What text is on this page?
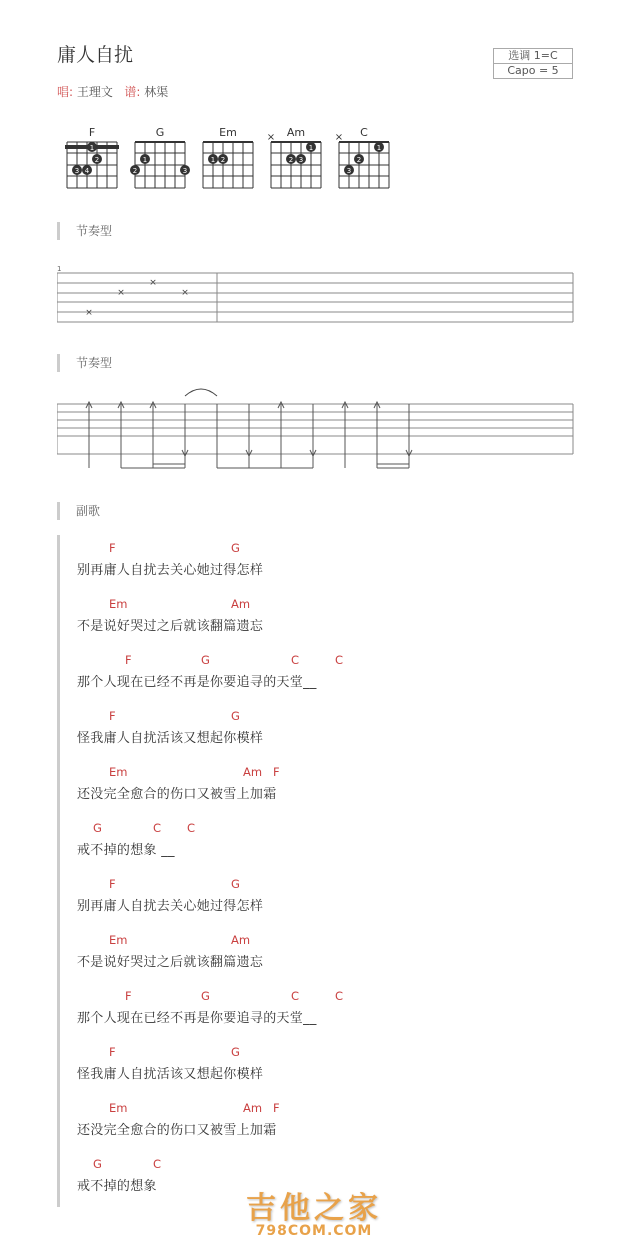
庸人自扰
唱: 王理文 谱: 林渠
选调 1=C
Capo = 5
F
1
2
3 4
G
1
2	3
Em
1 2
Am
×
1
2 3
C
×
1
2
3
节奏型
1
×
×	×
×
节奏型
副歌
F	G
别再庸人自扰去关心她过得怎样
Em	Am
不是说好哭过之后就该翻篇遗忘
F	G	C	C
那个人现在已经不再是你要追寻的天堂__
F	G
怪我庸人自扰活该又想起你模样
Em	Am F
还没完全愈合的伤口又被雪上加霜
G	C C
戒不掉的想象 __
F	G
别再庸人自扰去关心她过得怎样
Em	Am
不是说好哭过之后就该翻篇遗忘
F	G	C	C
那个人现在已经不再是你要追寻的天堂__
F	G
怪我庸人自扰活该又想起你模样
Em	Am F
还没完全愈合的伤口又被雪上加霜
G	C
戒不掉的想象
吉他之家
798COM.COM
